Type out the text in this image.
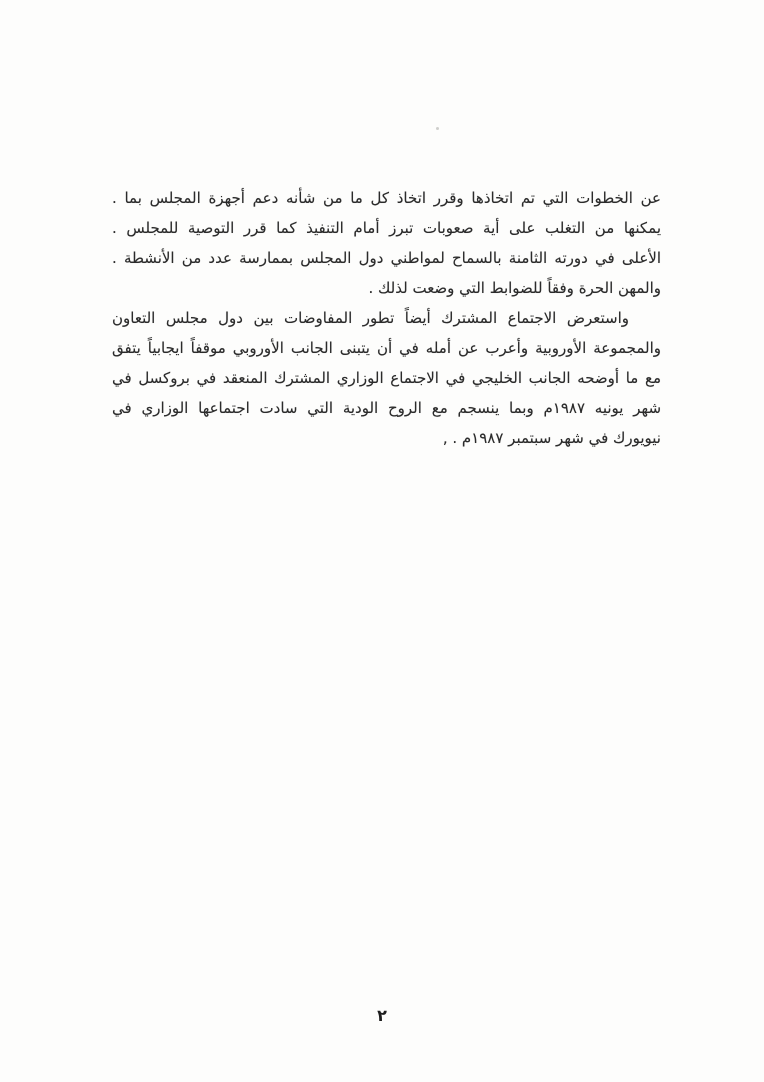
عن الخطوات التي تم اتخاذها وقرر اتخاذ كل ما من شأنه دعم أجهزة المجلس بما .
يمكنها من التغلب على أية صعوبات تبرز أمام التنفيذ كما قرر التوصية للمجلس .
الأعلى في دورته الثامنة بالسماح لمواطني دول المجلس بممارسة عدد من الأنشطة .
والمهن الحرة وفقاً للضوابط التي وضعت لذلك .
واستعرض الاجتماع المشترك أيضاً تطور المفاوضات بين دول مجلس التعاون
والمجموعة الأوروبية وأعرب عن أمله في أن يتبنى الجانب الأوروبي موقفاً ايجابياً يتفق
مع ما أوضحه الجانب الخليجي في الاجتماع الوزاري المشترك المنعقد في بروكسل في
شهر يونيه ١٩٨٧م وبما ينسجم مع الروح الودية التي سادت اجتماعها الوزاري في
نيويورك في شهر سبتمبر ١٩٨٧م . ,
٢
